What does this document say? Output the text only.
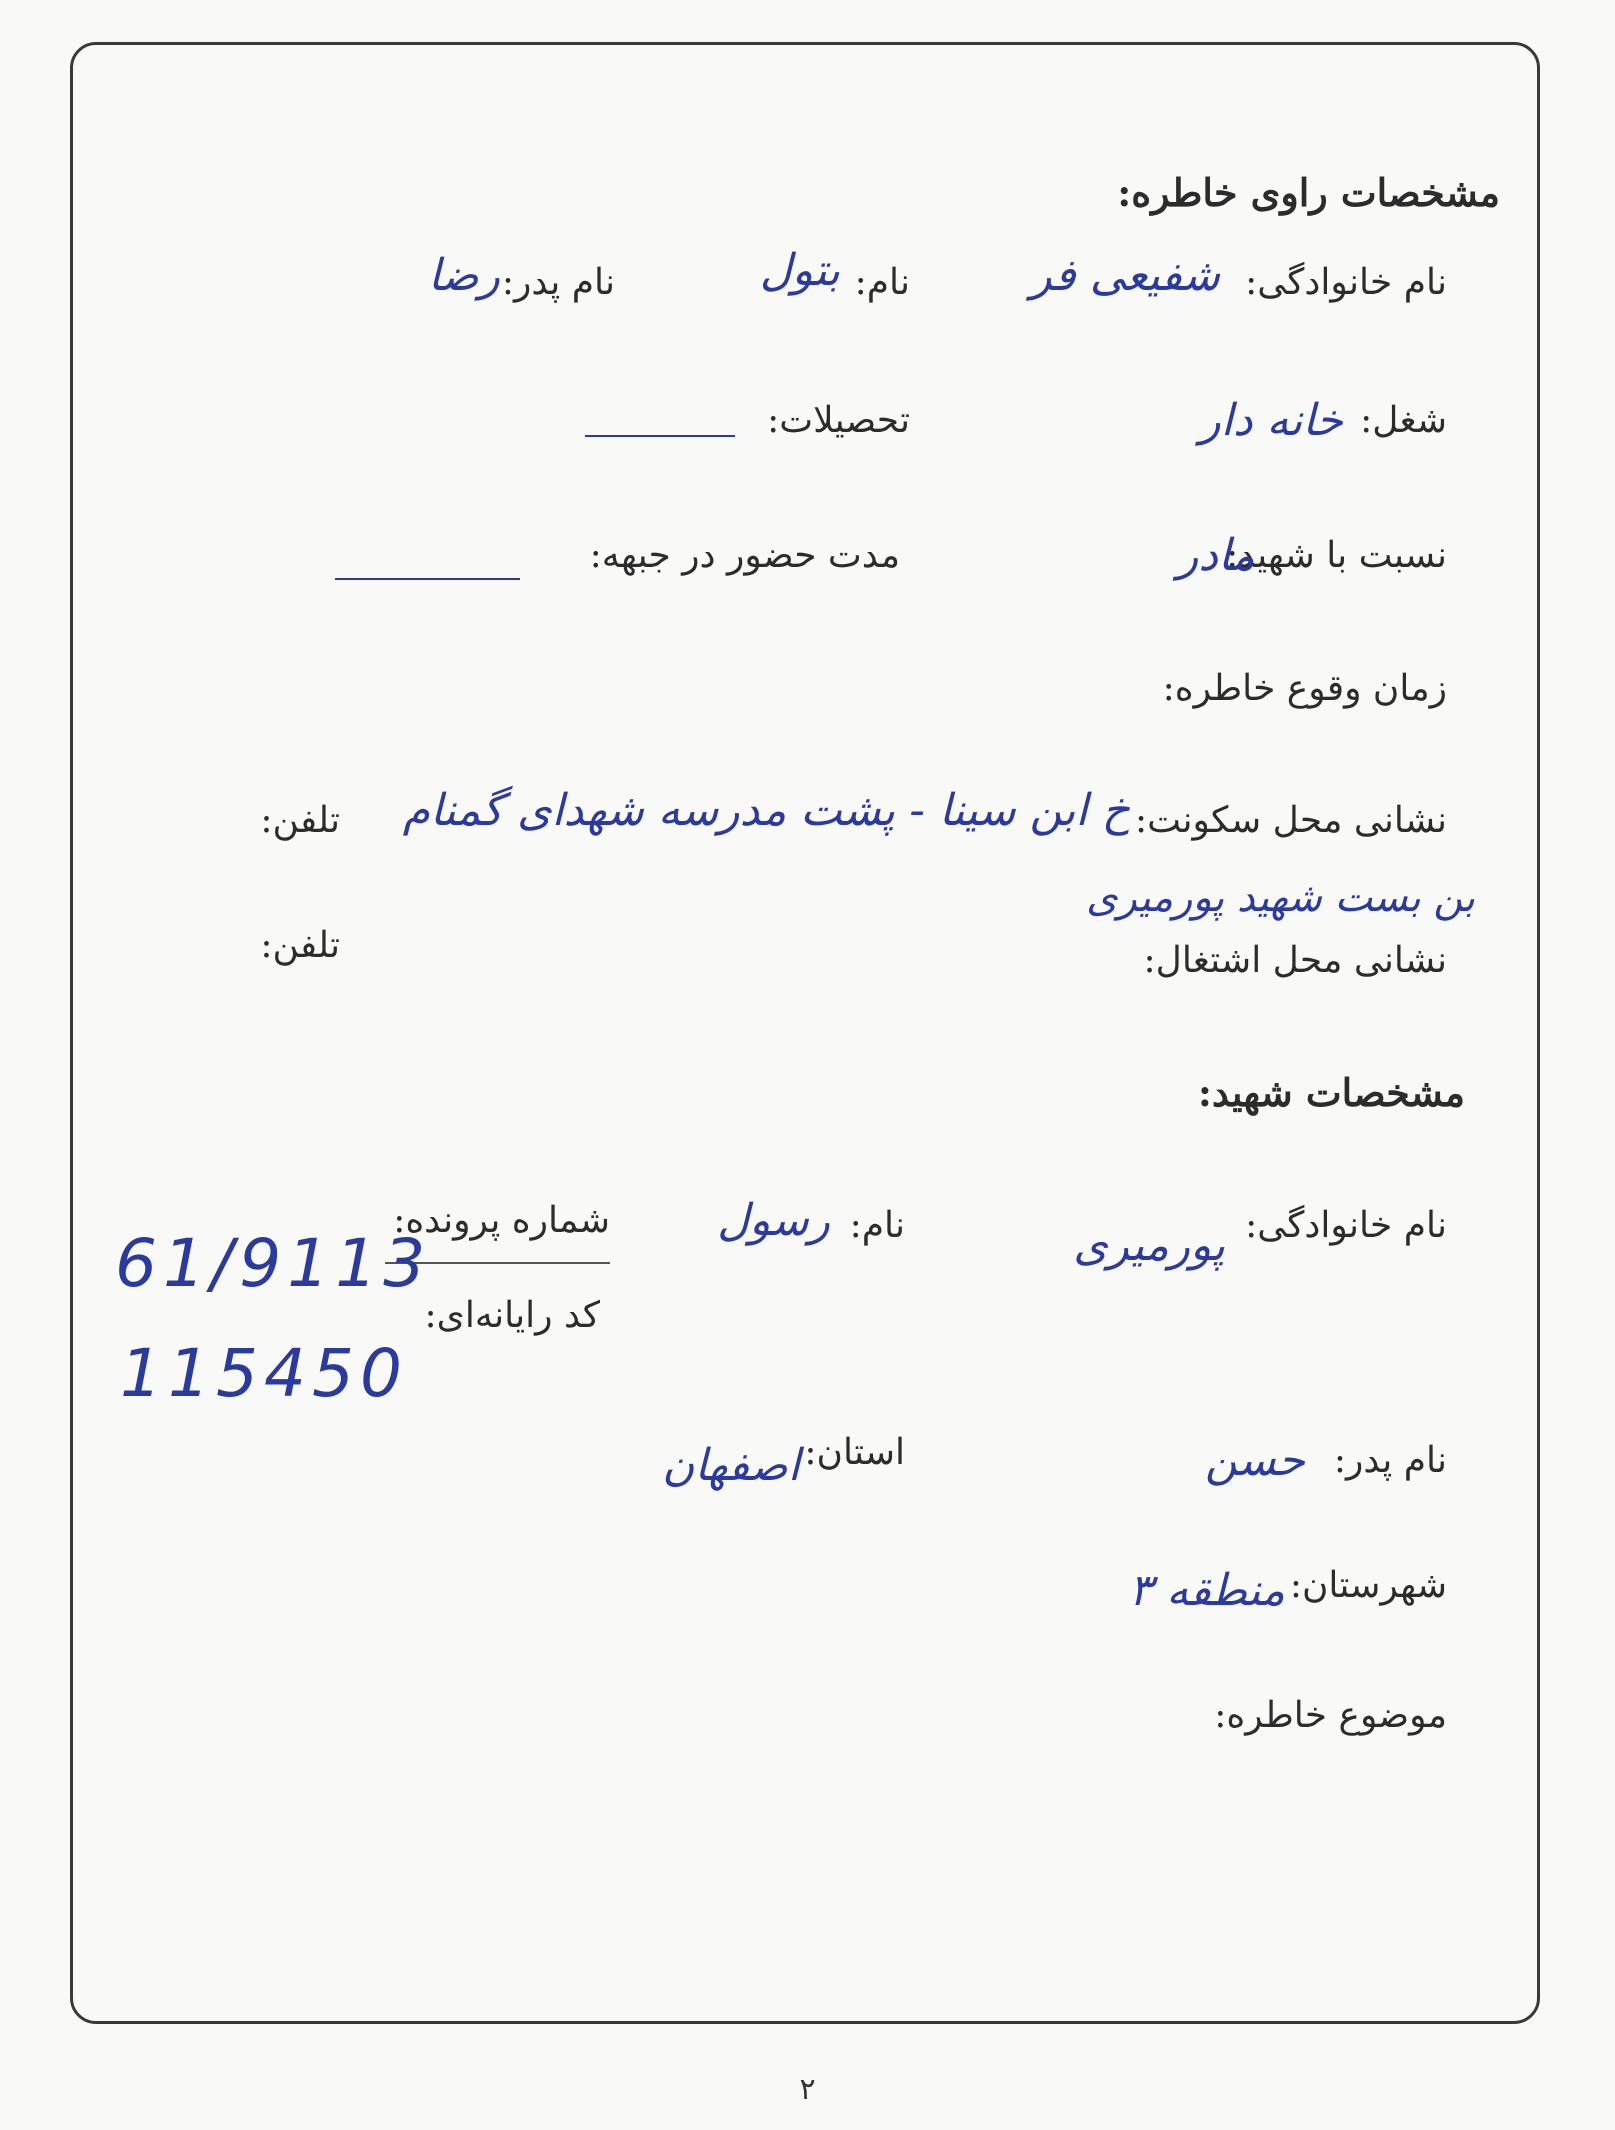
مشخصات راوی خاطره:
نام خانوادگی:
شفیعی فر
نام:
بتول
نام پدر:
رضا
شغل:
خانه دار
تحصیلات:
نسبت با شهید:
مادر
مدت حضور در جبهه:
زمان وقوع خاطره:
نشانی محل سکونت:
خ ابن سینا - پشت مدرسه شهدای گمنام
بن بست شهید پورمیری
تلفن:
نشانی محل اشتغال:
تلفن:
مشخصات شهید:
نام خانوادگی:
پورمیری
نام:
رسول
شماره پرونده:
61/9113
کد رایانه‌ای:
115450
نام پدر:
حسن
استان:
اصفهان
شهرستان:
منطقه ۳
موضوع خاطره:
۲
